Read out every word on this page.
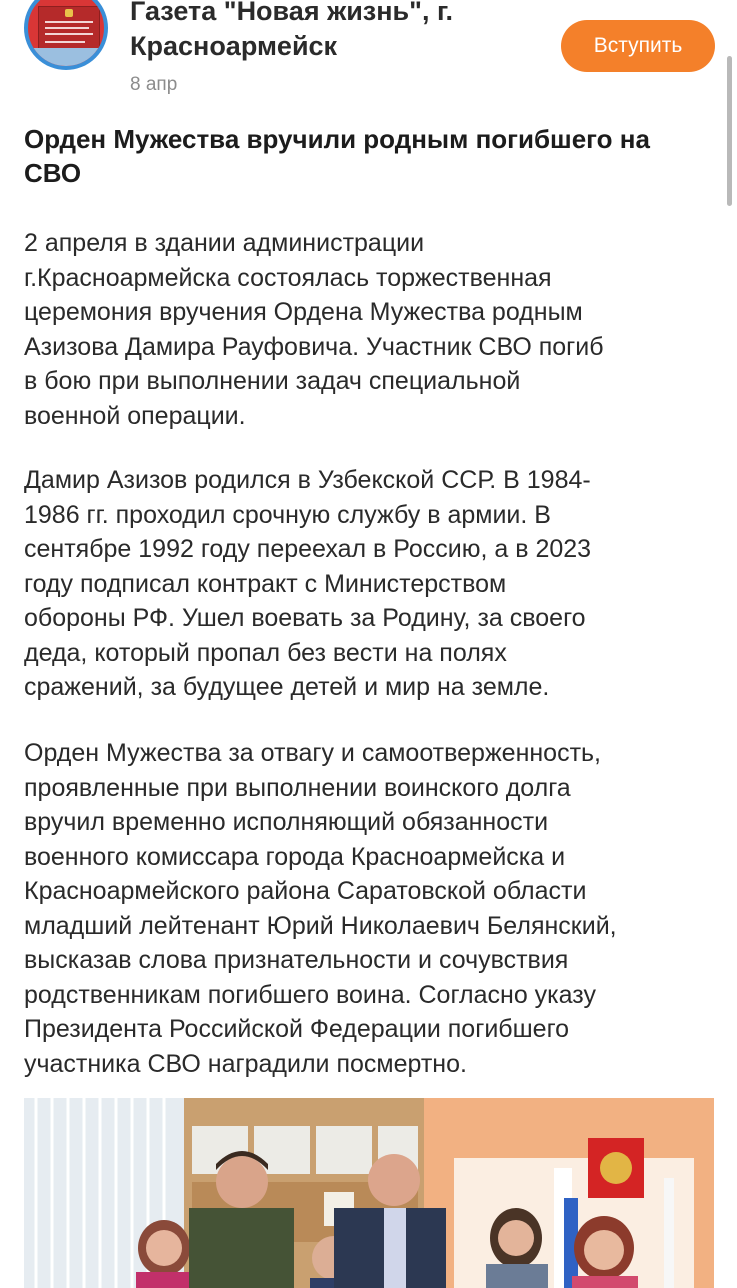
Газета "Новая жизнь", г. Красноармейск
8 апр
Вступить
Орден Мужества вручили родным погибшего на СВО

2 апреля в здании администрации
г.Красноармейска состоялась торжественная
церемония вручения Ордена Мужества родным
Азизова Дамира Рауфовича. Участник СВО погиб
в бою при выполнении задач специальной
военной операции.

Дамир Азизов родился в Узбекской ССР. В 1984-
1986 гг. проходил срочную службу в армии. В
сентябре 1992 году переехал в Россию, а в 2023
году подписал контракт с Министерством
обороны РФ. Ушел воевать за Родину, за своего
деда, который пропал без вести на полях
сражений, за будущее детей и мир на земле.

Орден Мужества за отвагу и самоотверженность,
проявленные при выполнении воинского долга
вручил временно исполняющий обязанности
военного комиссара города Красноармейска и
Красноармейского района Саратовской области
младший лейтенант Юрий Николаевич Белянский,
высказав слова признательности и сочувствия
родственникам погибшего воина. Согласно указу
Президента Российской Федерации погибшего
участника СВО наградили посмертно.
